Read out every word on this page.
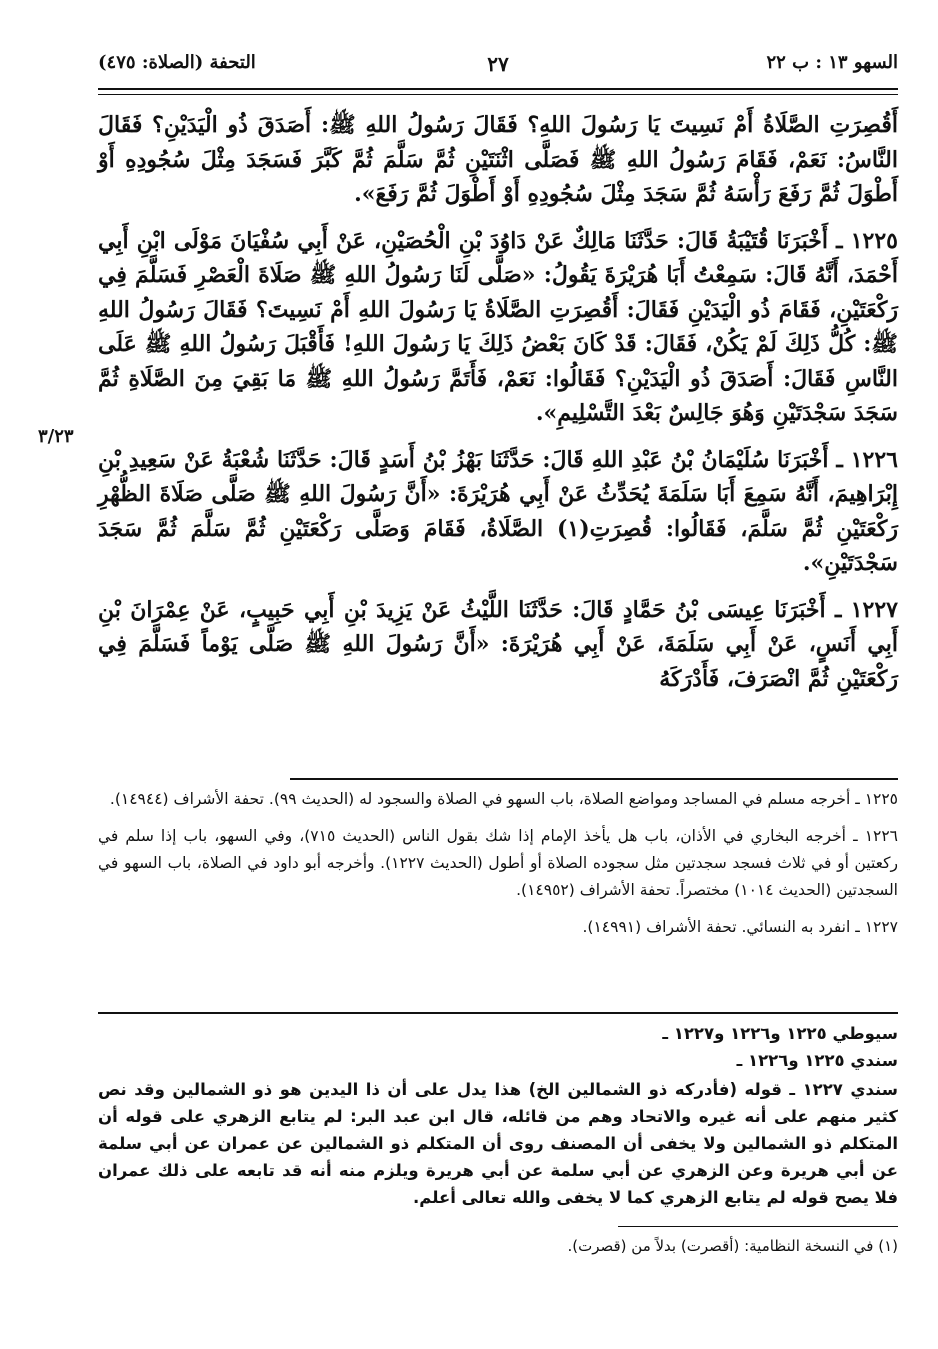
السهو ١٣ : ب ٢٢
٢٧
التحفة (الصلاة: ٤٧٥)
٣/٢٣

أَقُصِرَتِ الصَّلَاةُ أَمْ نَسِيتَ يَا رَسُولَ اللهِ؟ فَقَالَ رَسُولُ اللهِ ﷺ: أَصَدَقَ ذُو الْيَدَيْنِ؟ فَقَالَ النَّاسُ: نَعَمْ، فَقَامَ رَسُولُ اللهِ ﷺ فَصَلَّى اثْنَتَيْنِ ثُمَّ سَلَّمَ ثُمَّ كَبَّرَ فَسَجَدَ مِثْلَ سُجُودِهِ أَوْ أَطْوَلَ ثُمَّ رَفَعَ رَأْسَهُ ثُمَّ سَجَدَ مِثْلَ سُجُودِهِ أَوْ أَطْوَلَ ثُمَّ رَفَعَ».

١٢٢٥ ـ أَخْبَرَنَا قُتَيْبَةُ قَالَ: حَدَّثَنَا مَالِكٌ عَنْ دَاوُدَ بْنِ الْحُصَيْنِ، عَنْ أَبِي سُفْيَانَ مَوْلَى ابْنِ أَبِي أَحْمَدَ، أَنَّهُ قَالَ: سَمِعْتُ أَبَا هُرَيْرَةَ يَقُولُ: «صَلَّى لَنَا رَسُولُ اللهِ ﷺ صَلَاةَ الْعَصْرِ فَسَلَّمَ فِي رَكْعَتَيْنِ، فَقَامَ ذُو الْيَدَيْنِ فَقَالَ: أَقُصِرَتِ الصَّلَاةُ يَا رَسُولَ اللهِ أَمْ نَسِيتَ؟ فَقَالَ رَسُولُ اللهِ ﷺ: كُلُّ ذَلِكَ لَمْ يَكُنْ، فَقَالَ: قَدْ كَانَ بَعْضُ ذَلِكَ يَا رَسُولَ اللهِ! فَأَقْبَلَ رَسُولُ اللهِ ﷺ عَلَى النَّاسِ فَقَالَ: أَصَدَقَ ذُو الْيَدَيْنِ؟ فَقَالُوا: نَعَمْ، فَأَتَمَّ رَسُولُ اللهِ ﷺ مَا بَقِيَ مِنَ الصَّلَاةِ ثُمَّ سَجَدَ سَجْدَتَيْنِ وَهُوَ جَالِسٌ بَعْدَ التَّسْلِيمِ».

١٢٢٦ ـ أَخْبَرَنَا سُلَيْمَانُ بْنُ عَبْدِ اللهِ قَالَ: حَدَّثَنَا بَهْزُ بْنُ أَسَدٍ قَالَ: حَدَّثَنَا شُعْبَةُ عَنْ سَعِيدِ بْنِ إِبْرَاهِيمَ، أَنَّهُ سَمِعَ أَبَا سَلَمَةَ يُحَدِّثُ عَنْ أَبِي هُرَيْرَةَ: «أَنَّ رَسُولَ اللهِ ﷺ صَلَّى صَلَاةَ الظُّهْرِ رَكْعَتَيْنِ ثُمَّ سَلَّمَ، فَقَالُوا: قُصِرَتِ(١) الصَّلَاةُ، فَقَامَ وَصَلَّى رَكْعَتَيْنِ ثُمَّ سَلَّمَ ثُمَّ سَجَدَ سَجْدَتَيْنِ».

١٢٢٧ ـ أَخْبَرَنَا عِيسَى بْنُ حَمَّادٍ قَالَ: حَدَّثَنَا اللَّيْثُ عَنْ يَزِيدَ بْنِ أَبِي حَبِيبٍ، عَنْ عِمْرَانَ بْنِ أَبِي أَنَسٍ، عَنْ أَبِي سَلَمَةَ، عَنْ أَبِي هُرَيْرَةَ: «أَنَّ رَسُولَ اللهِ ﷺ صَلَّى يَوْماً فَسَلَّمَ فِي رَكْعَتَيْنِ ثُمَّ انْصَرَفَ، فَأَدْرَكَهُ

١٢٢٥ ـ أخرجه مسلم في المساجد ومواضع الصلاة، باب السهو في الصلاة والسجود له (الحديث ٩٩). تحفة الأشراف (١٤٩٤٤).

١٢٢٦ ـ أخرجه البخاري في الأذان، باب هل يأخذ الإمام إذا شك بقول الناس (الحديث ٧١٥)، وفي السهو، باب إذا سلم في ركعتين أو في ثلاث فسجد سجدتين مثل سجوده الصلاة أو أطول (الحديث ١٢٢٧). وأخرجه أبو داود في الصلاة، باب السهو في السجدتين (الحديث ١٠١٤) مختصراً. تحفة الأشراف (١٤٩٥٢).

١٢٢٧ ـ انفرد به النسائي. تحفة الأشراف (١٤٩٩١).

سيوطي ١٢٢٥ و١٢٢٦ و١٢٢٧ ـ

سندي ١٢٢٥ و١٢٢٦ ـ

سندي ١٢٢٧ ـ قوله (فأدركه ذو الشمالين الخ) هذا يدل على أن ذا اليدين هو ذو الشمالين وقد نص كثير منهم على أنه غيره والاتحاد وهم من قائله، قال ابن عبد البر: لم يتابع الزهري على قوله أن المتكلم ذو الشمالين ولا يخفى أن المصنف روى أن المتكلم ذو الشمالين عن عمران عن أبي سلمة عن أبي هريرة وعن الزهري عن أبي سلمة عن أبي هريرة ويلزم منه أنه قد تابعه على ذلك عمران فلا يصح قوله لم يتابع الزهري كما لا يخفى والله تعالى أعلم.

(١) في النسخة النظامية: (أقصرت) بدلاً من (قصرت).
